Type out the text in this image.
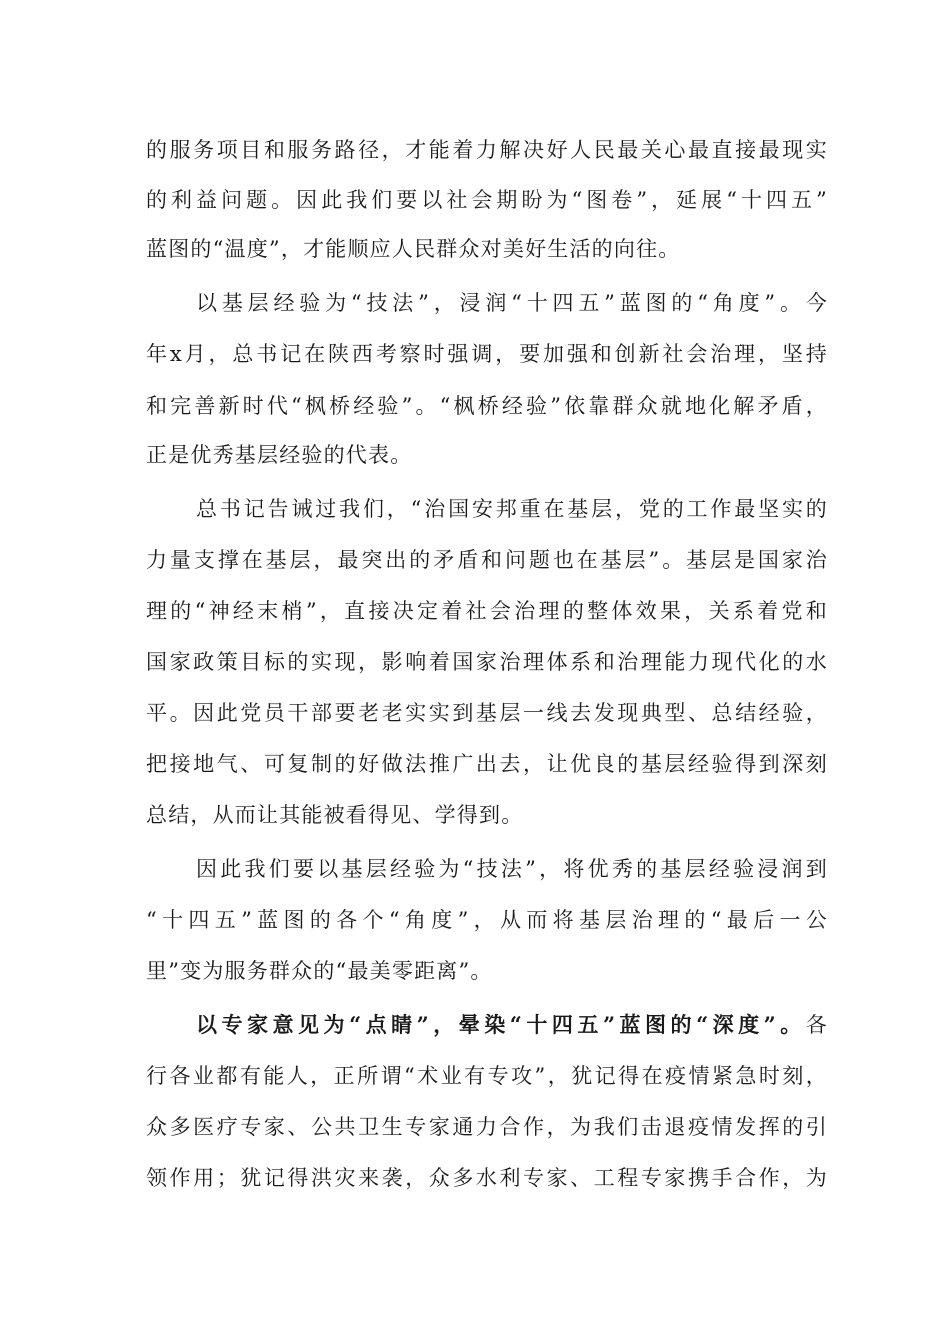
的服务项目和服务路径，才能着力解决好人民最关心最直接最现实
的利益问题。因此我们要以社会期盼为“图卷”，延展“十四五”
蓝图的“温度”，才能顺应人民群众对美好生活的向往。
以基层经验为“技法”，浸润“十四五”蓝图的“角度”。今
年x月，总书记在陕西考察时强调，要加强和创新社会治理，坚持
和完善新时代“枫桥经验”。“枫桥经验”依靠群众就地化解矛盾，
正是优秀基层经验的代表。
总书记告诫过我们，“治国安邦重在基层，党的工作最坚实的
力量支撑在基层，最突出的矛盾和问题也在基层”。基层是国家治
理的“神经末梢”，直接决定着社会治理的整体效果，关系着党和
国家政策目标的实现，影响着国家治理体系和治理能力现代化的水
平。因此党员干部要老老实实到基层一线去发现典型、总结经验，
把接地气、可复制的好做法推广出去，让优良的基层经验得到深刻
总结，从而让其能被看得见、学得到。
因此我们要以基层经验为“技法”，将优秀的基层经验浸润到
“十四五”蓝图的各个“角度”，从而将基层治理的“最后一公
里”变为服务群众的“最美零距离”。
以专家意见为“点睛”，晕染“十四五”蓝图的“深度”。各
行各业都有能人，正所谓“术业有专攻”，犹记得在疫情紧急时刻，
众多医疗专家、公共卫生专家通力合作，为我们击退疫情发挥的引
领作用；犹记得洪灾来袭，众多水利专家、工程专家携手合作，为
